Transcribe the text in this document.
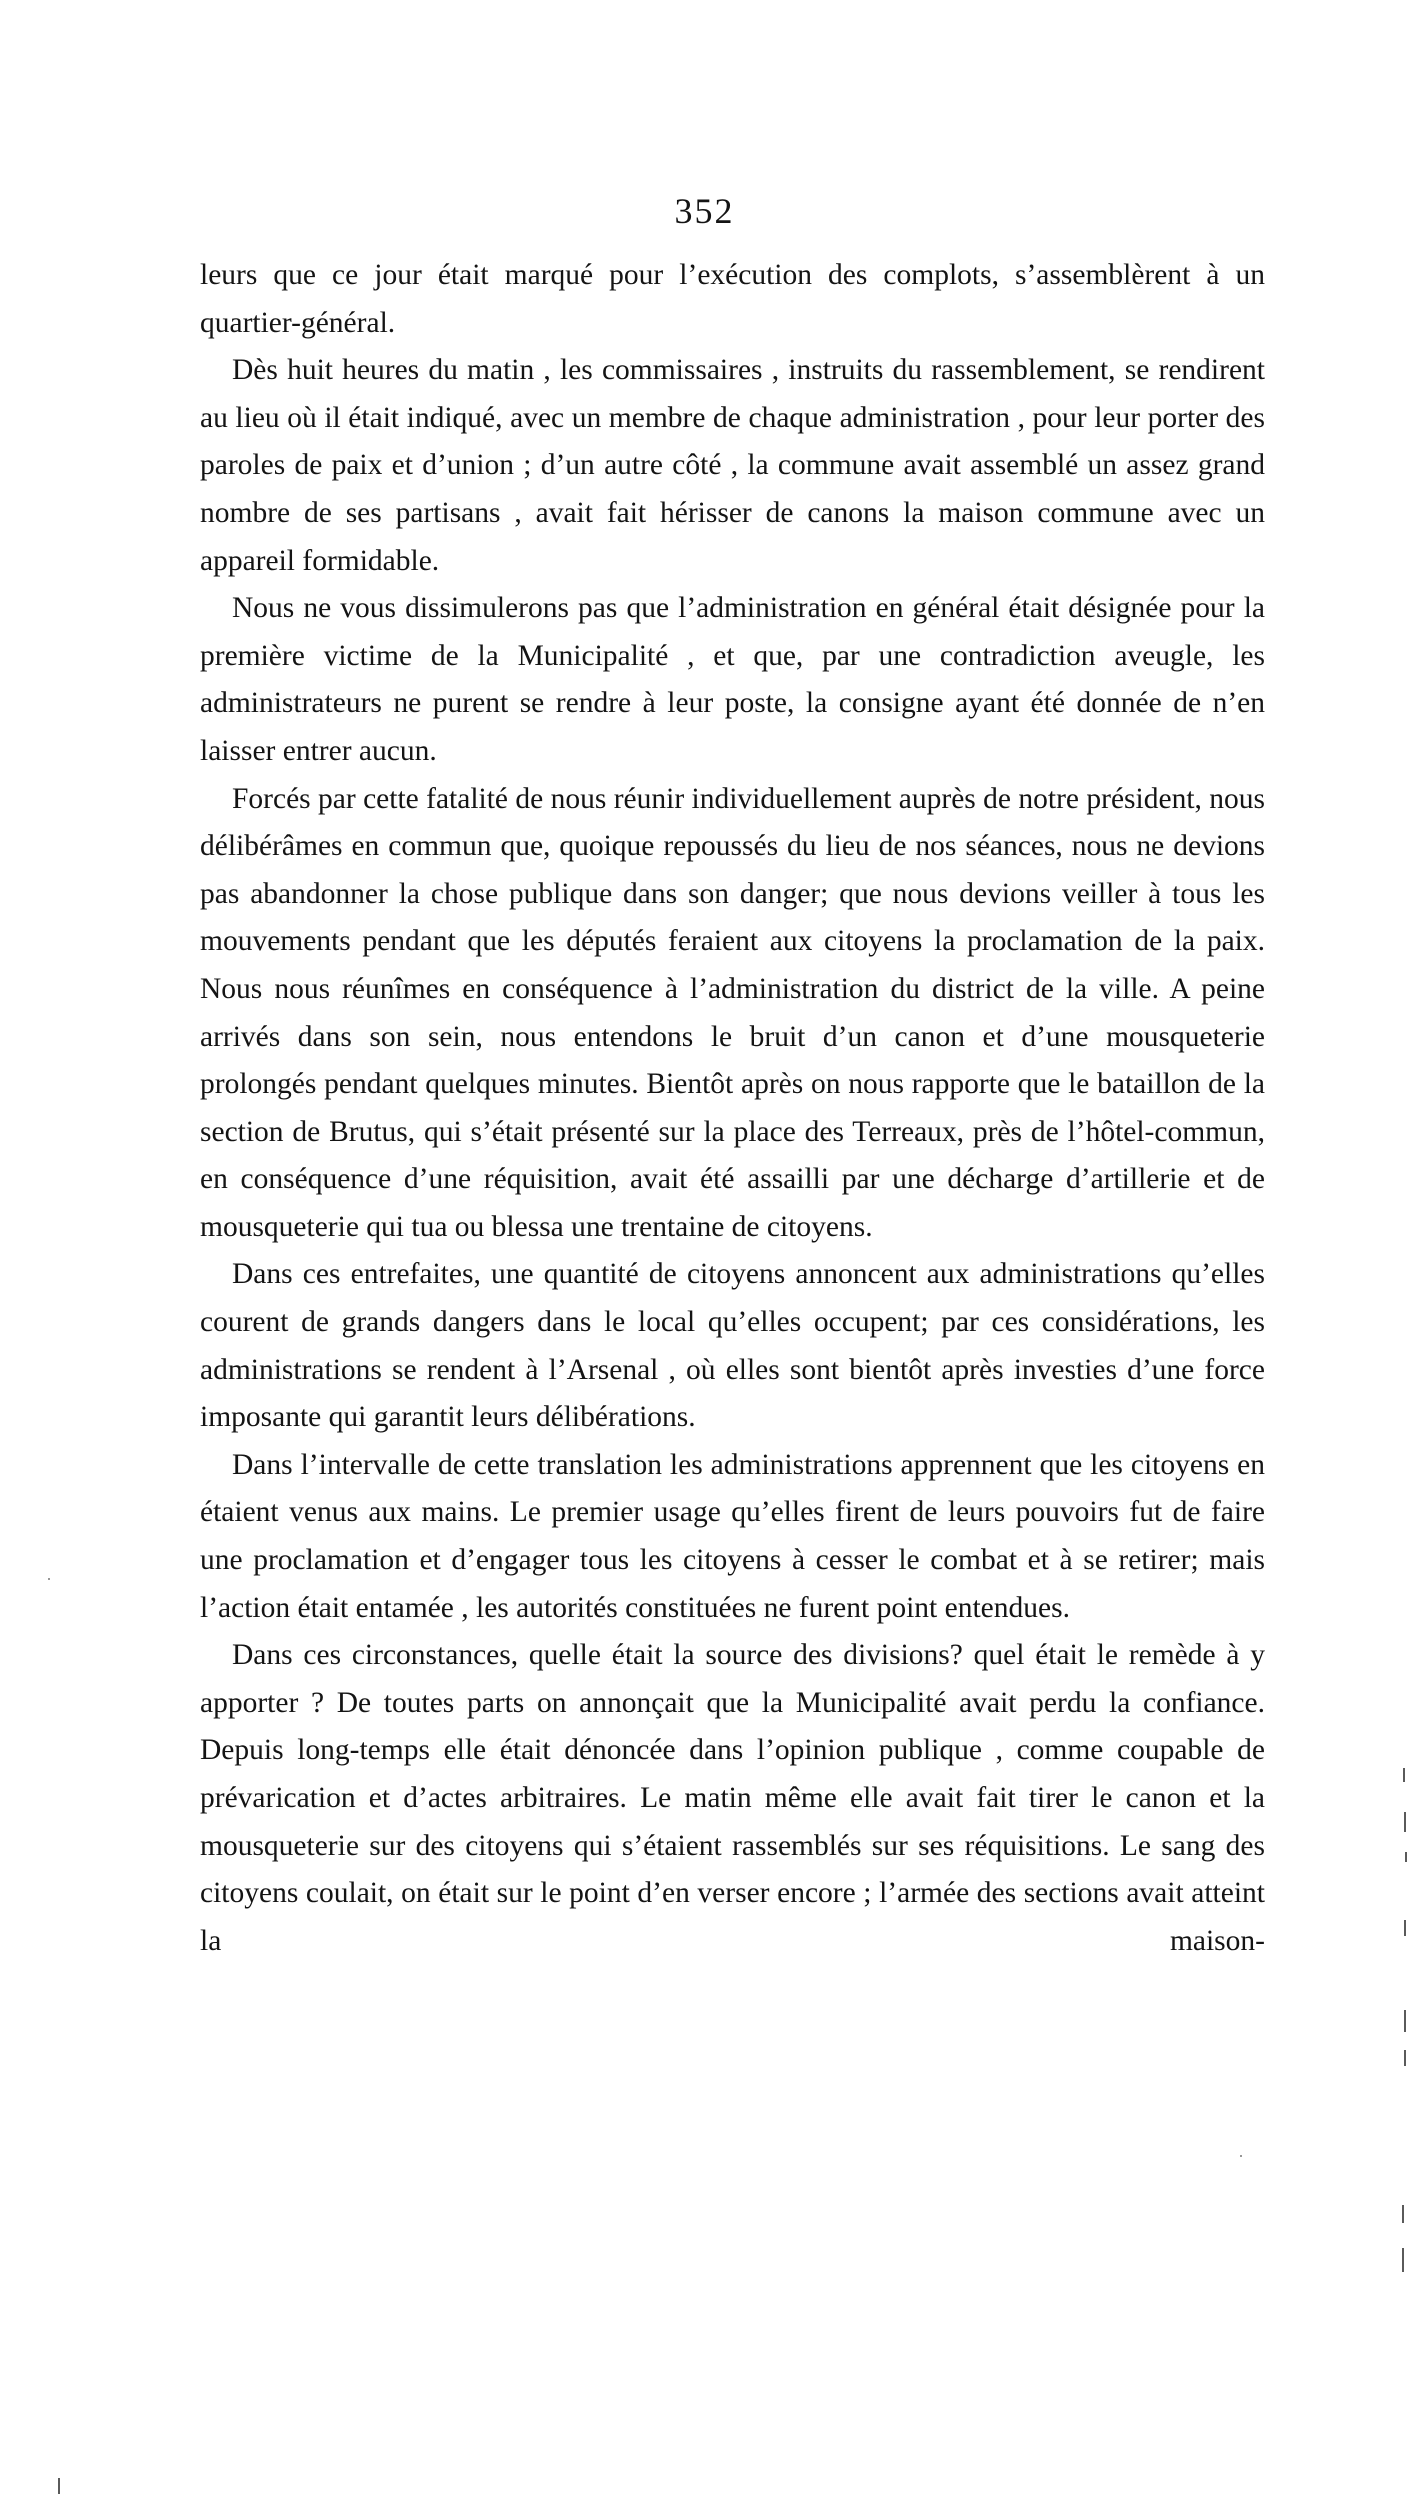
352

leurs que ce jour était marqué pour l’exécution des complots, s’assemblèrent à un quartier-général.

Dès huit heures du matin , les commissaires , instruits du rassemblement, se rendirent au lieu où il était indiqué, avec un membre de chaque administration , pour leur porter des paroles de paix et d’union ; d’un autre côté , la commune avait assemblé un assez grand nombre de ses partisans , avait fait hérisser de canons la maison commune avec un appareil formidable.

Nous ne vous dissimulerons pas que l’administration en général était désignée pour la première victime de la Municipalité , et que, par une contradiction aveugle, les administrateurs ne purent se rendre à leur poste, la consigne ayant été donnée de n’en laisser entrer aucun.

Forcés par cette fatalité de nous réunir individuellement auprès de notre président, nous délibérâmes en commun que, quoique repoussés du lieu de nos séances, nous ne devions pas abandonner la chose publique dans son danger; que nous devions veiller à tous les mouvements pendant que les députés feraient aux citoyens la proclamation de la paix. Nous nous réunîmes en conséquence à l’administration du district de la ville. A peine arrivés dans son sein, nous entendons le bruit d’un canon et d’une mousqueterie prolongés pendant quelques minutes. Bientôt après on nous rapporte que le bataillon de la section de Brutus, qui s’était présenté sur la place des Terreaux, près de l’hôtel-commun, en conséquence d’une réquisition, avait été assailli par une décharge d’artillerie et de mousqueterie qui tua ou blessa une trentaine de citoyens.

Dans ces entrefaites, une quantité de citoyens annoncent aux administrations qu’elles courent de grands dangers dans le local qu’elles occupent; par ces considérations, les administrations se rendent à l’Arsenal , où elles sont bientôt après investies d’une force imposante qui garantit leurs délibérations.

Dans l’intervalle de cette translation les administrations apprennent que les citoyens en étaient venus aux mains. Le premier usage qu’elles firent de leurs pouvoirs fut de faire une proclamation et d’engager tous les citoyens à cesser le combat et à se retirer; mais l’action était entamée , les autorités constituées ne furent point entendues.

Dans ces circonstances, quelle était la source des divisions? quel était le remède à y apporter ? De toutes parts on annonçait que la Municipalité avait perdu la confiance. Depuis long-temps elle était dénoncée dans l’opinion publique , comme coupable de prévarication et d’actes arbitraires. Le matin même elle avait fait tirer le canon et la mousqueterie sur des citoyens qui s’étaient rassemblés sur ses réquisitions. Le sang des citoyens coulait, on était sur le point d’en verser encore ; l’armée des sections avait atteint la maison-
